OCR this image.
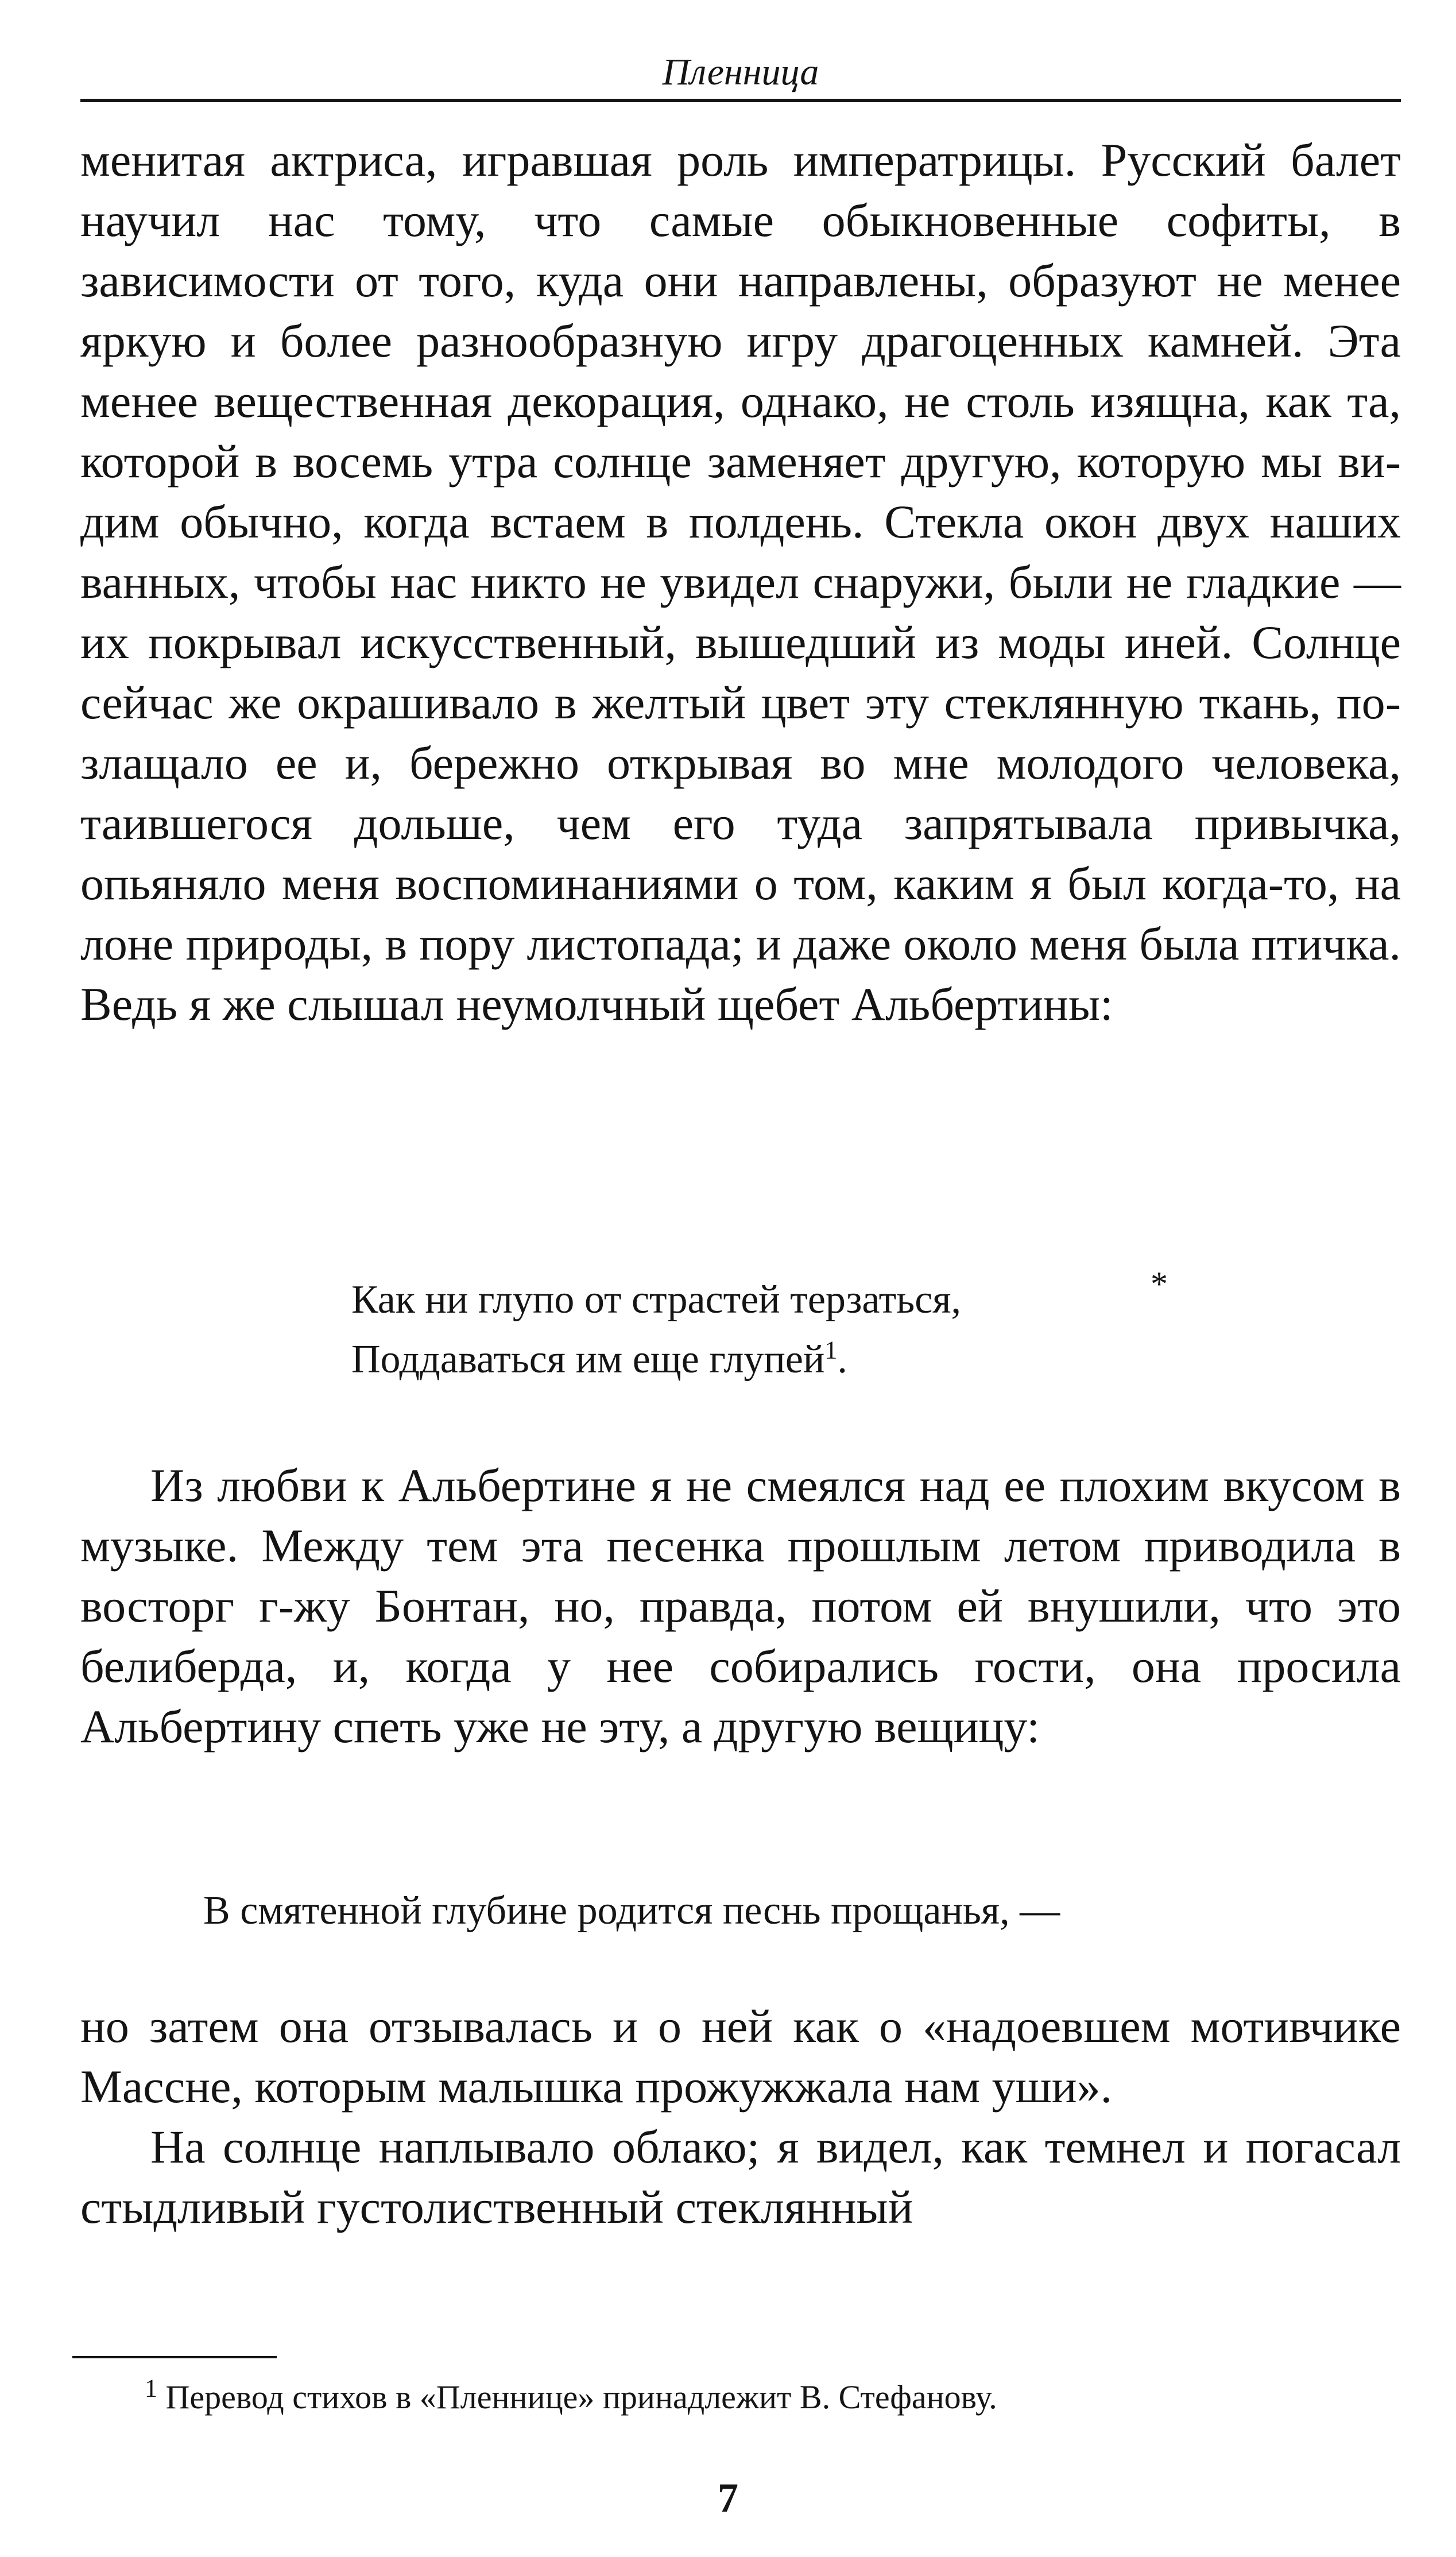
Пленница

менитая актриса, игравшая роль императрицы. Русский балет научил нас тому, что самые обыкновенные софиты, в зависимости от того, куда они направлены, образуют не менее яркую и более разнообразную игру драгоценных камней. Эта менее вещественная декорация, однако, не столь изящна, как та, которой в восемь утра солнце заменяет другую, которую мы видим обычно, когда встаем в полдень. Стекла окон двух наших ванных, чтобы нас никто не увидел снаружи, были не гладкие — их покрывал искусственный, вышедший из моды иней. Солнце сейчас же окрашивало в желтый цвет эту стеклянную ткань, позлащало ее и, бережно открывая во мне молодого человека, таившегося дольше, чем его туда запрятывала привычка, опьяняло меня воспоминаниями о том, каким я был когда-то, на лоне природы, в пору листопада; и даже около меня была птичка. Ведь я же слышал неумолчный щебет Альбертины:

Как ни глупо от страстей терзаться,

Поддаваться им еще глупей$^1$.

*

Из любви к Альбертине я не смеялся над ее плохим вкусом в музыке. Между тем эта песенка прошлым летом приводила в восторг г-жу Бонтан, но, правда, потом ей внушили, что это белиберда, и, когда у нее собирались гости, она просила Альбертину спеть уже не эту, а другую вещицу:

В смятенной глубине родится песнь прощанья, —

но затем она отзывалась и о ней как о «надоевшем мотивчике Массне, которым малышка прожужжала нам уши».

На солнце наплывало облако; я видел, как темнел и погасал стыдливый густолиственный стеклянный

$^1$ Перевод стихов в «Пленнице» принадлежит В. Стефанову.
7
